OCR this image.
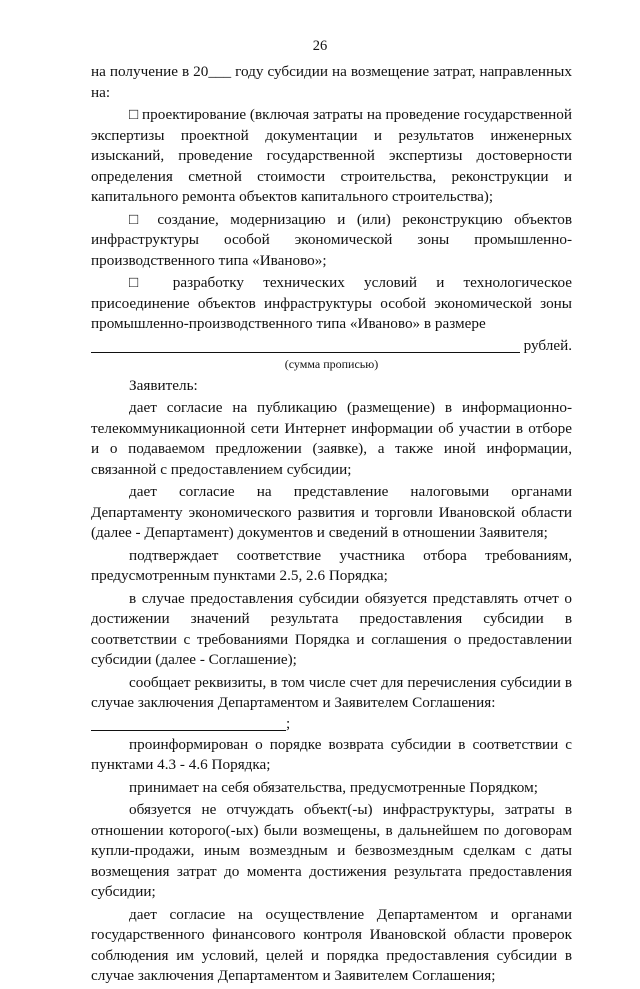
26

на получение в 20___ году субсидии на возмещение затрат, направленных на:

□ проектирование (включая затраты на проведение государственной экспертизы проектной документации и результатов инженерных изысканий, проведение государственной экспертизы достоверности определения сметной стоимости строительства, реконструкции и капитального ремонта объектов капитального строительства);

□ создание, модернизацию и (или) реконструкцию объектов инфраструктуры особой экономической зоны промышленно-производственного типа «Иваново»;

□ разработку технических условий и технологическое присоединение объектов инфраструктуры особой экономической зоны промышленно-производственного типа «Иваново» в размере

рублей.

(сумма прописью)

Заявитель:

дает согласие на публикацию (размещение) в информационно-телекоммуникационной сети Интернет информации об участии в отборе и о подаваемом предложении (заявке), а также иной информации, связанной с предоставлением субсидии;

дает согласие на представление налоговыми органами Департаменту экономического развития и торговли Ивановской области (далее - Департамент) документов и сведений в отношении Заявителя;

подтверждает соответствие участника отбора требованиям, предусмотренным пунктами 2.5, 2.6 Порядка;

в случае предоставления субсидии обязуется представлять отчет о достижении значений результата предоставления субсидии в соответствии с требованиями Порядка и соглашения о предоставлении субсидии (далее - Соглашение);

сообщает реквизиты, в том числе счет для перечисления субсидии в случае заключения Департаментом и Заявителем Соглашения:

;

проинформирован о порядке возврата субсидии в соответствии с пунктами 4.3 - 4.6 Порядка;

принимает на себя обязательства, предусмотренные Порядком;

обязуется не отчуждать объект(-ы) инфраструктуры, затраты в отношении которого(-ых) были возмещены, в дальнейшем по договорам купли-продажи, иным возмездным и безвозмездным сделкам с даты возмещения затрат до момента достижения результата предоставления субсидии;

дает согласие на осуществление Департаментом и органами государственного финансового контроля Ивановской области проверок соблюдения им условий, целей и порядка предоставления субсидии в случае заключения Департаментом и Заявителем Соглашения;
